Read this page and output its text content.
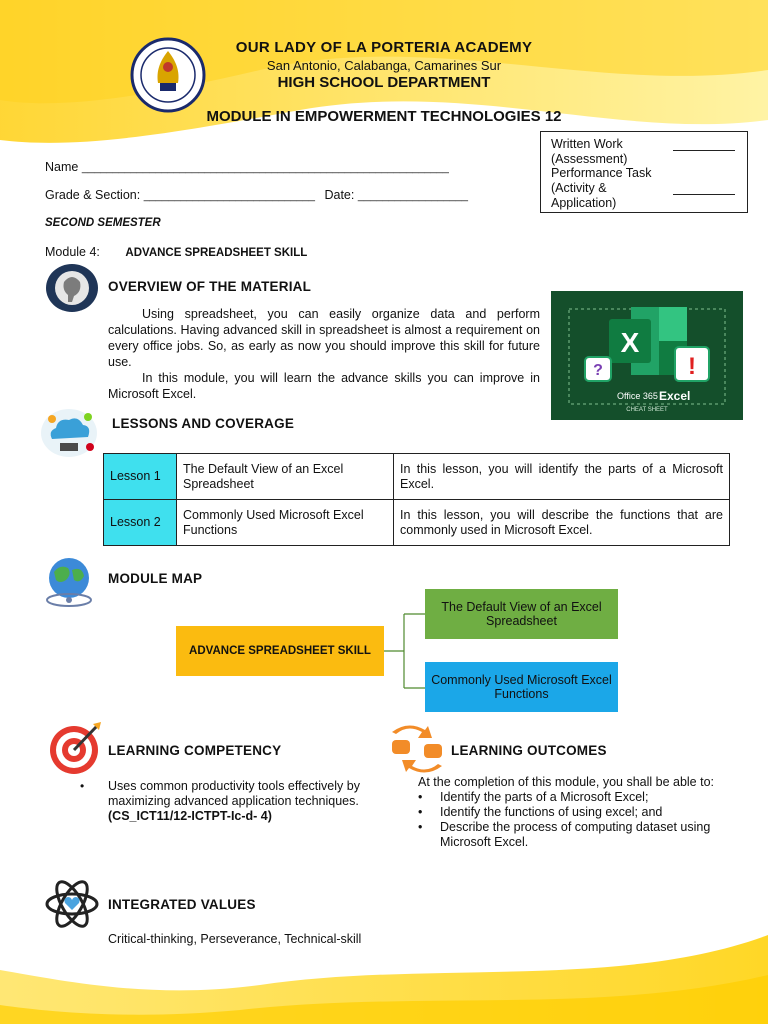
OUR LADY OF LA PORTERIA ACADEMY
San Antonio, Calabanga, Camarines Sur
HIGH SCHOOL DEPARTMENT
MODULE IN EMPOWERMENT TECHNOLOGIES 12
Written Work (Assessment)
Performance Task (Activity & Application)
Name ____________________________________________________________
Grade & Section: ____________________________ Date: __________________
SECOND SEMESTER
Module 4: ADVANCE SPREADSHEET SKILL
OVERVIEW OF THE MATERIAL

Using spreadsheet, you can easily organize data and perform calculations. Having advanced skill in spreadsheet is almost a requirement on every office jobs. So, as early as now you should improve this skill for future use.

In this module, you will learn the advance skills you can improve in Microsoft Excel.

X
?	!
Office 365 Excel
CHEAT SHEET
LESSONS AND COVERAGE
Lesson 1	The Default View of an Excel Spreadsheet	In this lesson, you will identify the parts of a Microsoft Excel.
Lesson 2	Commonly Used Microsoft Excel Functions	In this lesson, you will describe the functions that are commonly used in Microsoft Excel.
MODULE MAP
ADVANCE SPREADSHEET SKILL
The Default View of an Excel Spreadsheet
Commonly Used Microsoft Excel Functions
LEARNING COMPETENCY
• Uses common productivity tools effectively by maximizing advanced application techniques. (CS_ICT11/12-ICTPT-Ic-d- 4)
LEARNING OUTCOMES
At the completion of this module, you shall be able to:
• Identify the parts of a Microsoft Excel;
• Identify the functions of using excel; and
• Describe the process of computing dataset using Microsoft Excel.
INTEGRATED VALUES
Critical-thinking, Perseverance, Technical-skill
